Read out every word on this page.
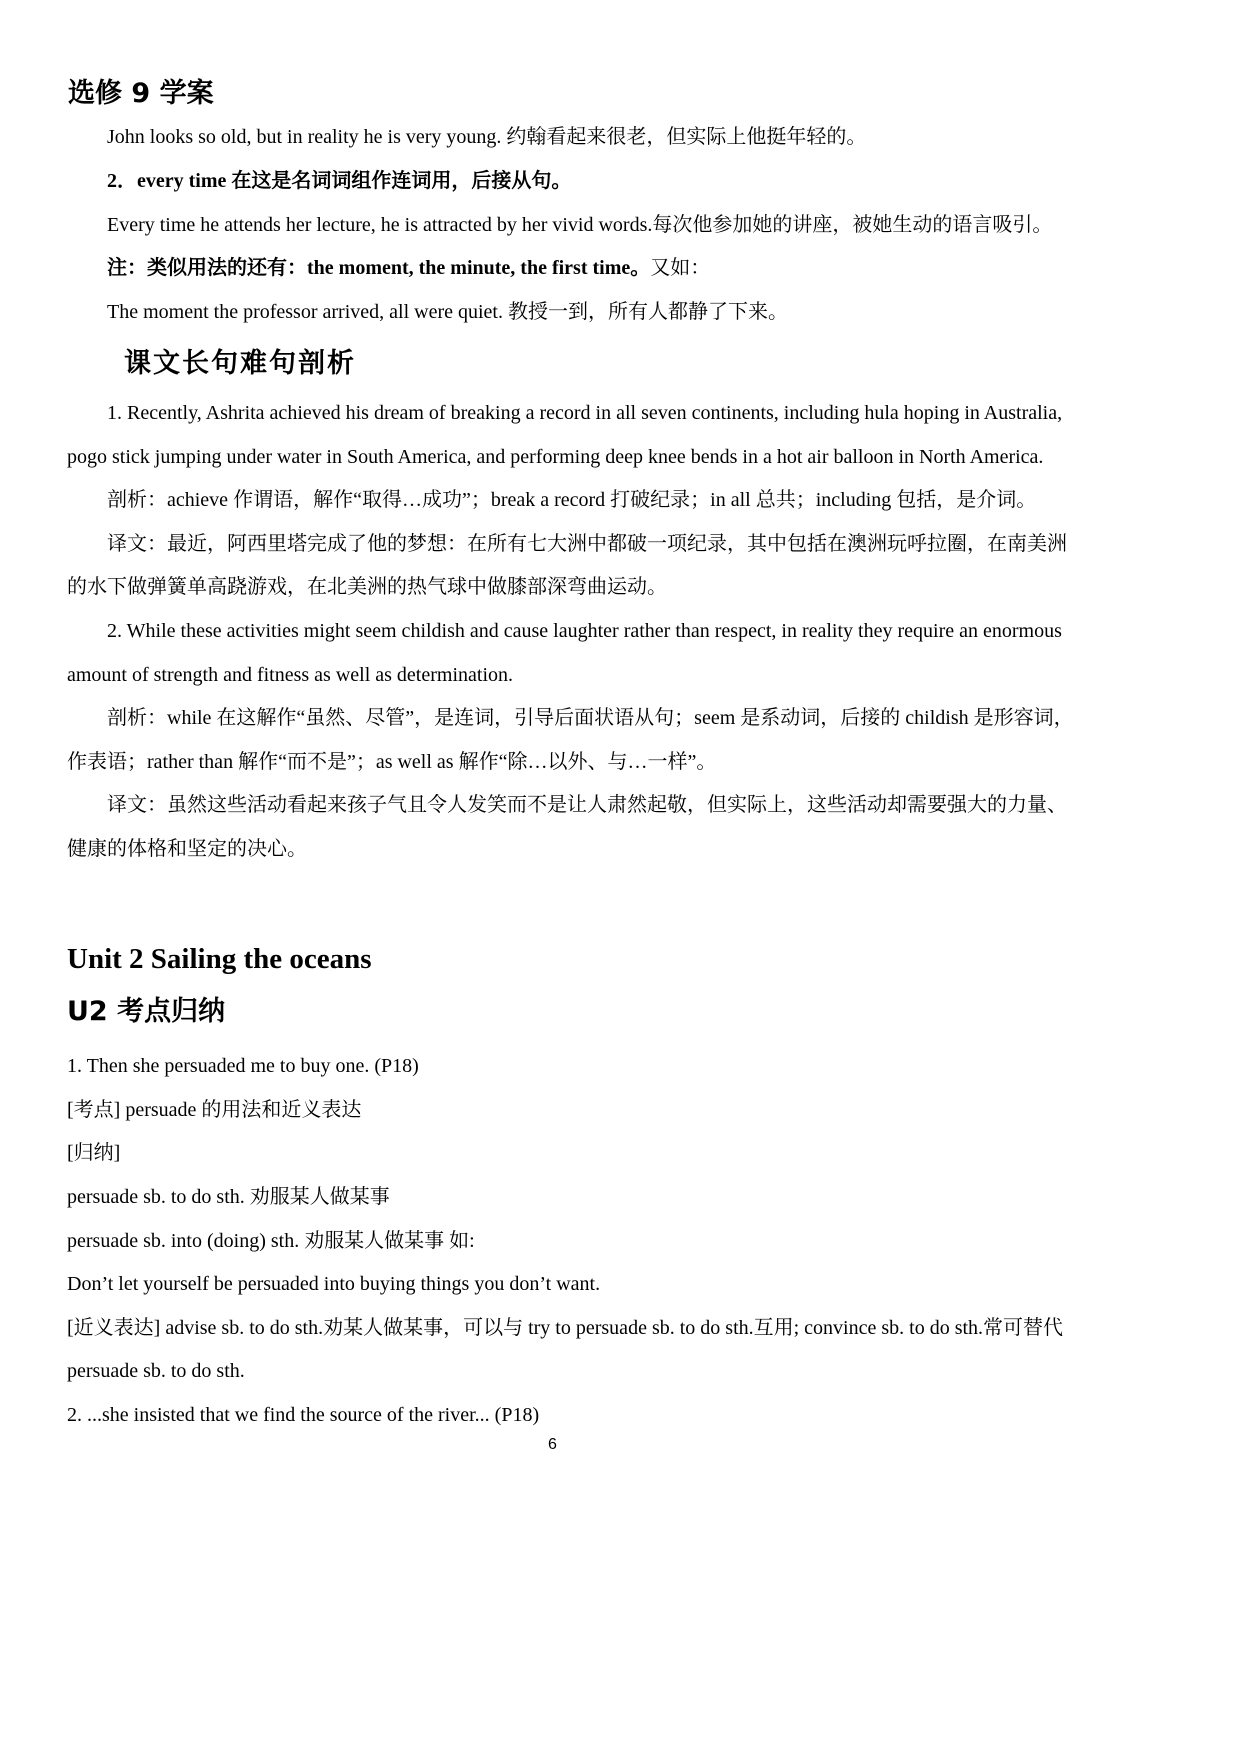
选修 9 学案
John looks so old, but in reality he is very young. 约翰看起来很老，但实际上他挺年轻的。
2．every time 在这是名词词组作连词用，后接从句。
Every time he attends her lecture, he is attracted by her vivid words.每次他参加她的讲座，被她生动的语言吸引。
注：类似用法的还有：the moment, the minute, the first time。又如：
The moment the professor arrived, all were quiet. 教授一到，所有人都静了下来。
课文长句难句剖析
1. Recently, Ashrita achieved his dream of breaking a record in all seven continents, including hula hoping in Australia,
pogo stick jumping under water in South America, and performing deep knee bends in a hot air balloon in North America.
剖析：achieve 作谓语，解作“取得…成功”；break a record 打破纪录；in all 总共；including 包括，是介词。
译文：最近，阿西里塔完成了他的梦想：在所有七大洲中都破一项纪录，其中包括在澳洲玩呼拉圈，在南美洲
的水下做弹簧单高跷游戏，在北美洲的热气球中做膝部深弯曲运动。
2. While these activities might seem childish and cause laughter rather than respect, in reality they require an enormous
amount of strength and fitness as well as determination.
剖析：while 在这解作“虽然、尽管”，是连词，引导后面状语从句；seem 是系动词，后接的 childish 是形容词，
作表语；rather than 解作“而不是”；as well as 解作“除…以外、与…一样”。
译文：虽然这些活动看起来孩子气且令人发笑而不是让人肃然起敬，但实际上，这些活动却需要强大的力量、
健康的体格和坚定的决心。
Unit 2 Sailing the oceans
U2 考点归纳
1. Then she persuaded me to buy one. (P18)
[考点] persuade 的用法和近义表达
[归纳]
persuade sb. to do sth. 劝服某人做某事
persuade sb. into (doing) sth. 劝服某人做某事 如:
Don’t let yourself be persuaded into buying things you don’t want.
[近义表达] advise sb. to do sth.劝某人做某事，可以与 try to persuade sb. to do sth.互用; convince sb. to do sth.常可替代
persuade sb. to do sth.
2. ...she insisted that we find the source of the river... (P18)
6
